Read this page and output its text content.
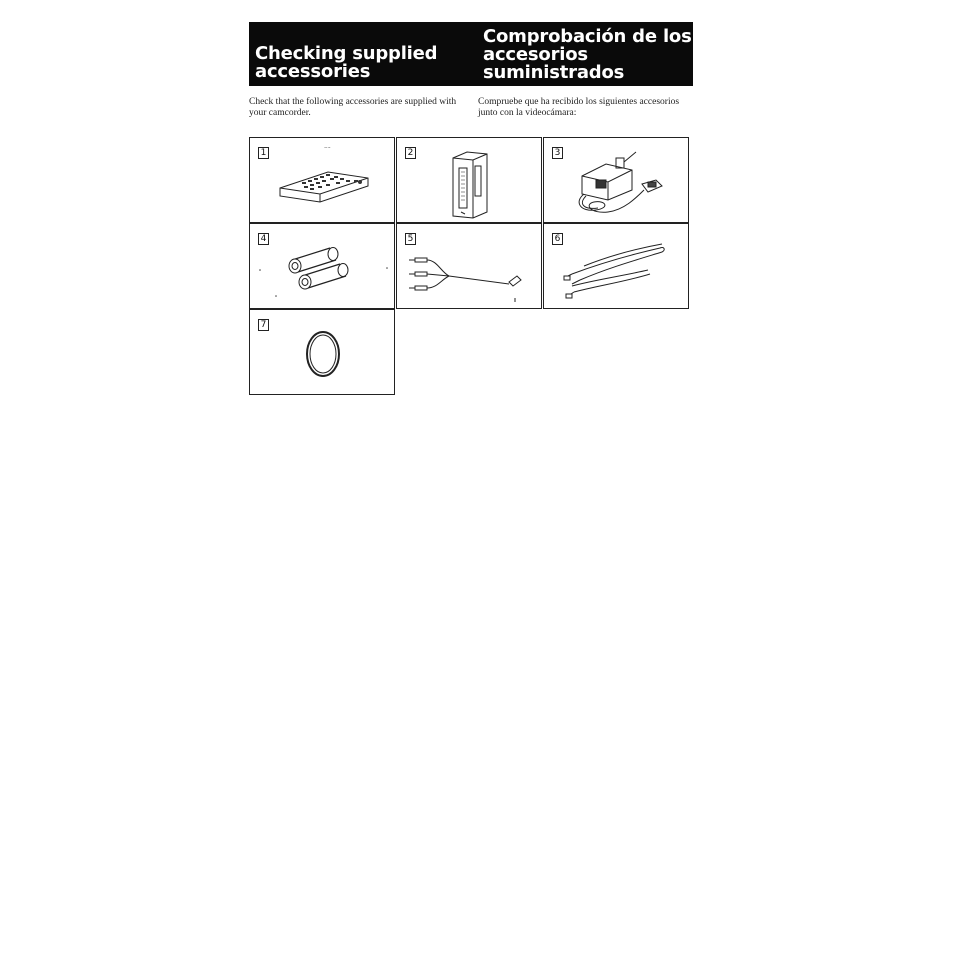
Checking supplied accessories
Comprobación de los accesorios suministrados
Check that the following accessories are supplied with your camcorder.
Compruebe que ha recibido los siguientes accesorios junto con la videocámara:
1
~~
2	3
4	5	6
7
